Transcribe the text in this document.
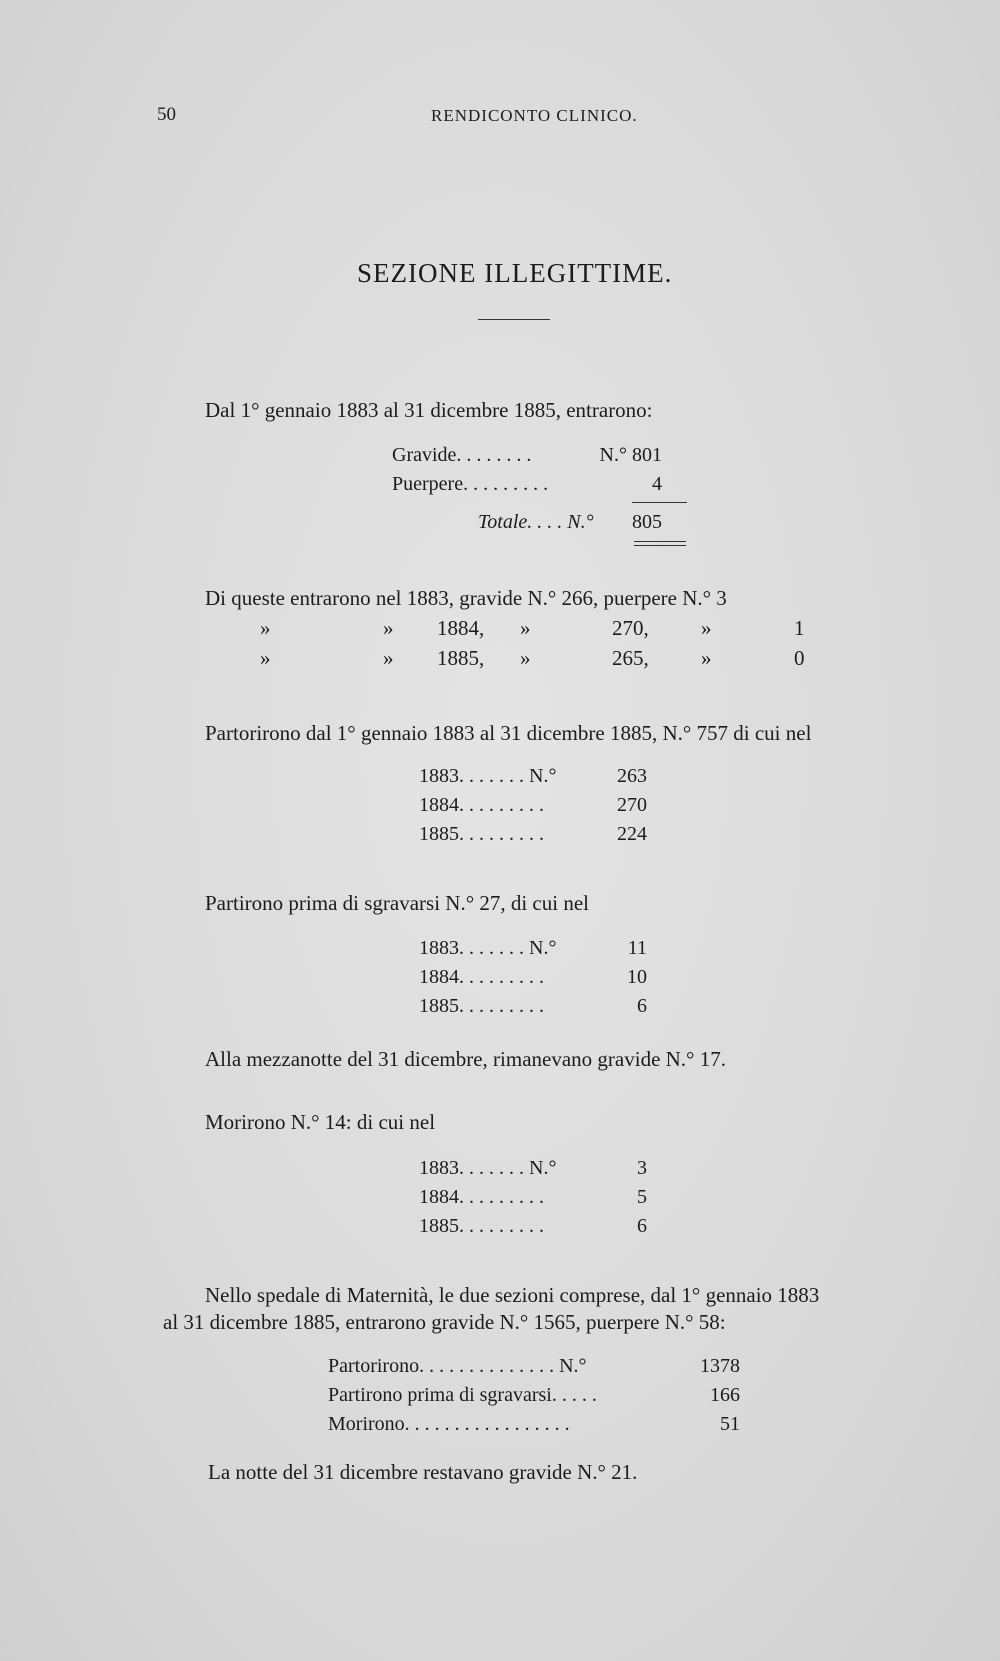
50	RENDICONTO CLINICO.
SEZIONE ILLEGITTIME.
Dal 1° gennaio 1883 al 31 dicembre 1885, entrarono:
Gravide. . . . . . . .	N.° 801
Puerpere. . . . . . . . .	4
Totale. . . . N.°	805
Di queste entrarono nel 1883, gravide N.° 266, puerpere N.° 3
»	» 1884, »	270, »	1
»	» 1885, »	265, »	0
Partorirono dal 1° gennaio 1883 al 31 dicembre 1885, N.° 757 di cui nel
1883. . . . . . . N.°	263
1884. . . . . . . . .	270
1885. . . . . . . . .	224
Partirono prima di sgravarsi N.° 27, di cui nel
1883. . . . . . . N.°	11
1884. . . . . . . . .	10
1885. . . . . . . . .	6
Alla mezzanotte del 31 dicembre, rimanevano gravide N.° 17.
Morirono N.° 14: di cui nel
1883. . . . . . . N.°	3
1884. . . . . . . . .	5
1885. . . . . . . . .	6
Nello spedale di Maternità, le due sezioni comprese, dal 1° gennaio 1883
al 31 dicembre 1885, entrarono gravide N.° 1565, puerpere N.° 58:
Partorirono. . . . . . . . . . . . . . N.°	1378
Partirono prima di sgravarsi. . . . .	166
Morirono. . . . . . . . . . . . . . . . .	51
La notte del 31 dicembre restavano gravide N.° 21.
